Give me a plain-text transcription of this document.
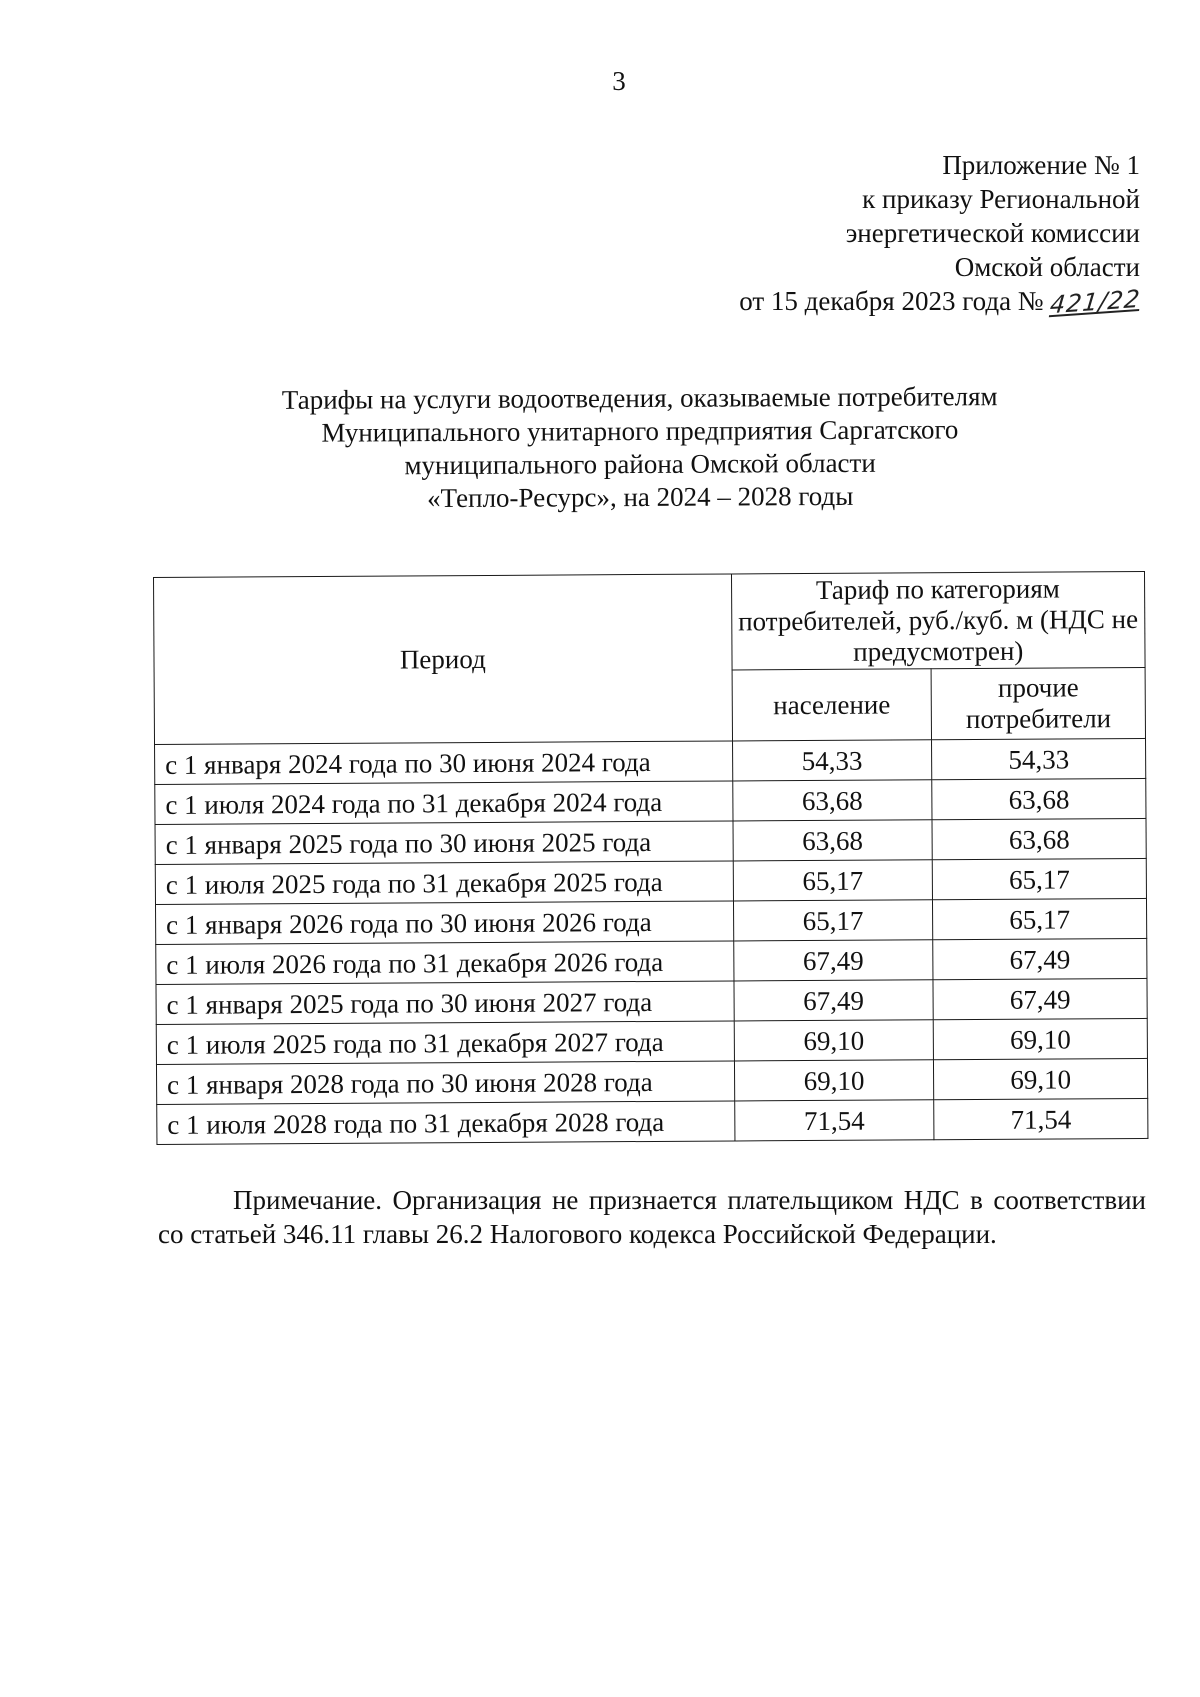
3
Приложение № 1
к приказу Региональной
энергетической комиссии
Омской области
от 15 декабря 2023 года № 421/22
Тарифы на услуги водоотведения, оказываемые потребителям
Муниципального унитарного предприятия Саргатского
муниципального района Омской области
«Тепло-Ресурс», на 2024 – 2028 годы
Период	Тариф по категориям потребителей, руб./куб. м (НДС не предусмотрен)	
	население	прочие потребители
с 1 января 2024 года по 30 июня 2024 года	54,33	54,33
с 1 июля 2024 года по 31 декабря 2024 года	63,68	63,68
с 1 января 2025 года по 30 июня 2025 года	63,68	63,68
с 1 июля 2025 года по 31 декабря 2025 года	65,17	65,17
с 1 января 2026 года по 30 июня 2026 года	65,17	65,17
с 1 июля 2026 года по 31 декабря 2026 года	67,49	67,49
с 1 января 2025 года по 30 июня 2027 года	67,49	67,49
с 1 июля 2025 года по 31 декабря 2027 года	69,10	69,10
с 1 января 2028 года по 30 июня 2028 года	69,10	69,10
с 1 июля 2028 года по 31 декабря 2028 года	71,54	71,54
Примечание. Организация не признается плательщиком НДС в соответствии со статьей 346.11 главы 26.2 Налогового кодекса Российской Федерации.
